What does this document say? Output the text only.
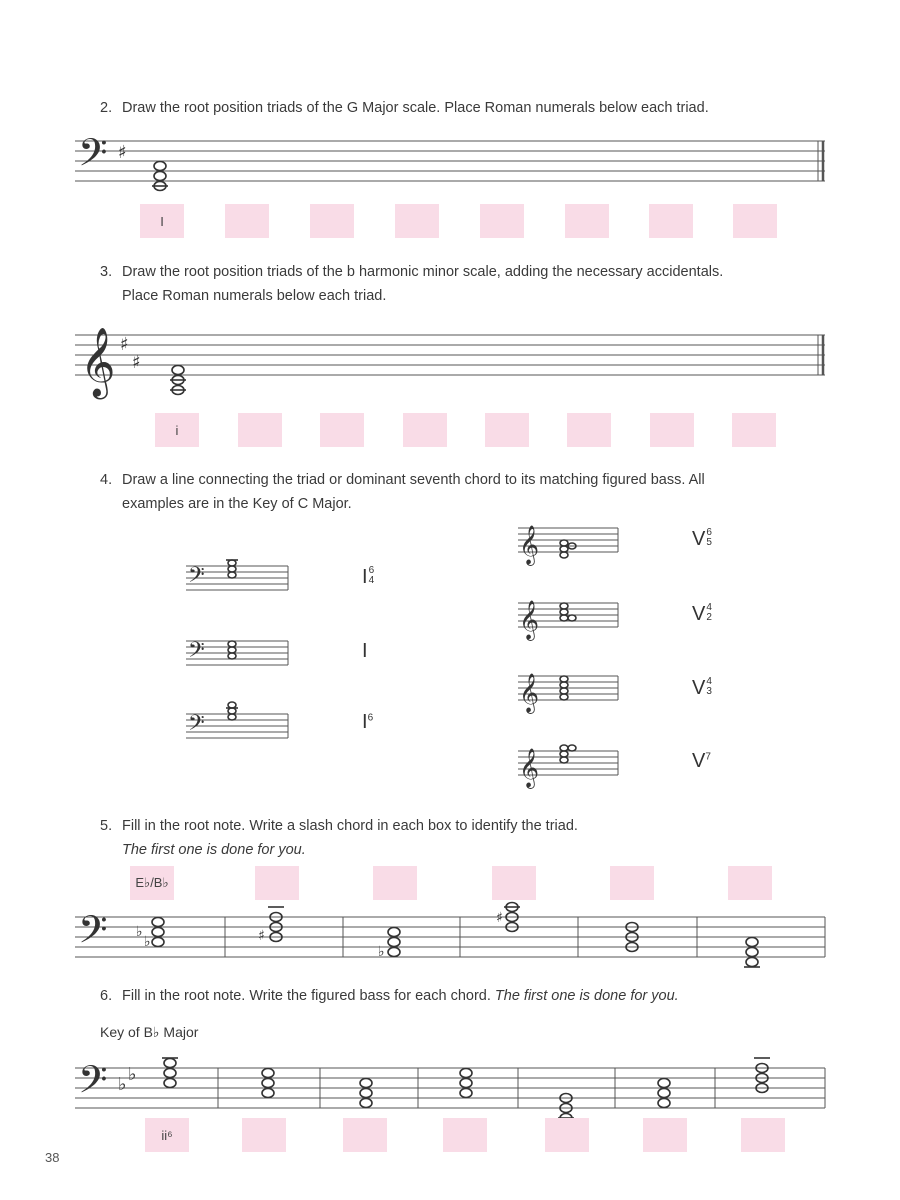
2. Draw the root position triads of the G Major scale. Place Roman numerals below each triad.
3. Draw the root position triads of the b harmonic minor scale, adding the necessary accidentals.
Place Roman numerals below each triad.
4. Draw a line connecting the triad or dominant seventh chord to its matching figured bass. All
examples are in the Key of C Major.
5. Fill in the root note. Write a slash chord in each box to identify the triad.
The first one is done for you.
6. Fill in the root note. Write the figured bass for each chord. The first one is done for you.
Key of B♭ Major
𝄢 ♯
𝄞 ♯
♯
𝄢
𝄢
𝄢
𝄞
𝄞
𝄞
𝄞
𝄢
𝄢 ♭ ♭
♭
♭	♯
♭
♯
I
i
I 6
4
I
$I^6$
V 6
5
V 4
2
V 4
3
$V^7$
E♭/B♭
ii⁶
38
